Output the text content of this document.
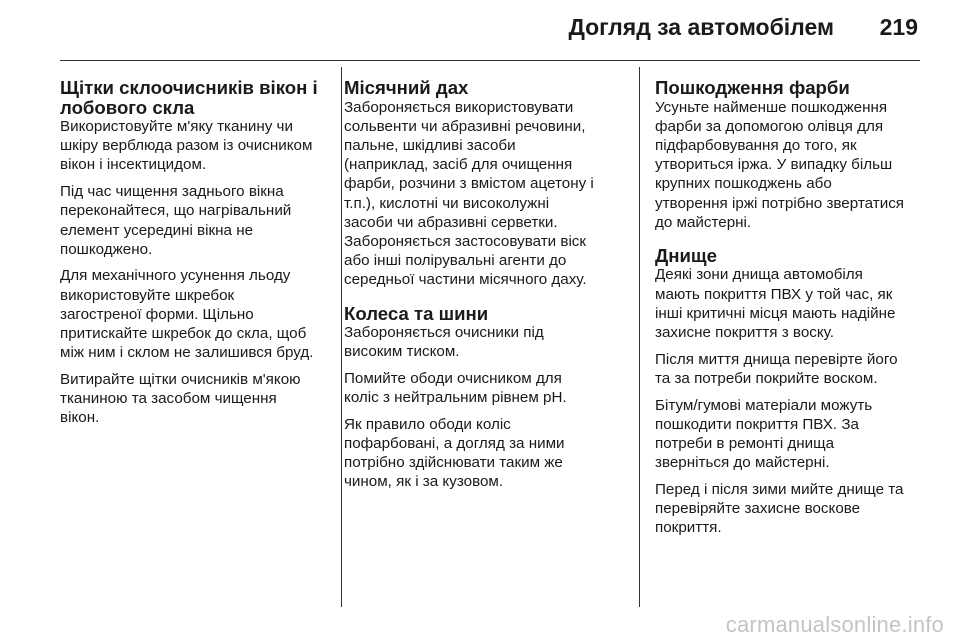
Догляд за автомобілем 219
Щітки склоочисників вікон і
лобового скла

Використовуйте м'яку тканину чи
шкіру верблюда разом із очисником
вікон і інсектицидом.

Під час чищення заднього вікна
переконайтеся, що нагрівальний
елемент усередині вікна не
пошкоджено.

Для механічного усунення льоду
використовуйте шкребок
загостреної форми. Щільно
притискайте шкребок до скла, щоб
між ним і склом не залишився бруд.

Витирайте щітки очисників м'якою
тканиною та засобом чищення
вікон.

Місячний дах

Забороняється використовувати
сольвенти чи абразивні речовини,
пальне, шкідливі засоби
(наприклад, засіб для очищення
фарби, розчини з вмістом ацетону і
т.п.), кислотні чи високолужні
засоби чи абразивні серветки.
Забороняється застосовувати віск
або інші полірувальні агенти до
середньої частини місячного даху.

Колеса та шини

Забороняється очисники під
високим тиском.

Помийте ободи очисником для
коліс з нейтральним рівнем pH.

Як правило ободи коліс
пофарбовані, а догляд за ними
потрібно здійснювати таким же
чином, як і за кузовом.

Пошкодження фарби

Усуньте найменше пошкодження
фарби за допомогою олівця для
підфарбовування до того, як
утвориться іржа. У випадку більш
крупних пошкоджень або
утворення іржі потрібно звертатися
до майстерні.

Днище

Деякі зони днища автомобіля
мають покриття ПВХ у той час, як
інші критичні місця мають надійне
захисне покриття з воску.

Після миття днища перевірте його
та за потреби покрийте воском.

Бітум/гумові матеріали можуть
пошкодити покриття ПВХ. За
потреби в ремонті днища
зверніться до майстерні.

Перед і після зими мийте днище та
перевіряйте захисне воскове
покриття.

carmanualsonline.info
